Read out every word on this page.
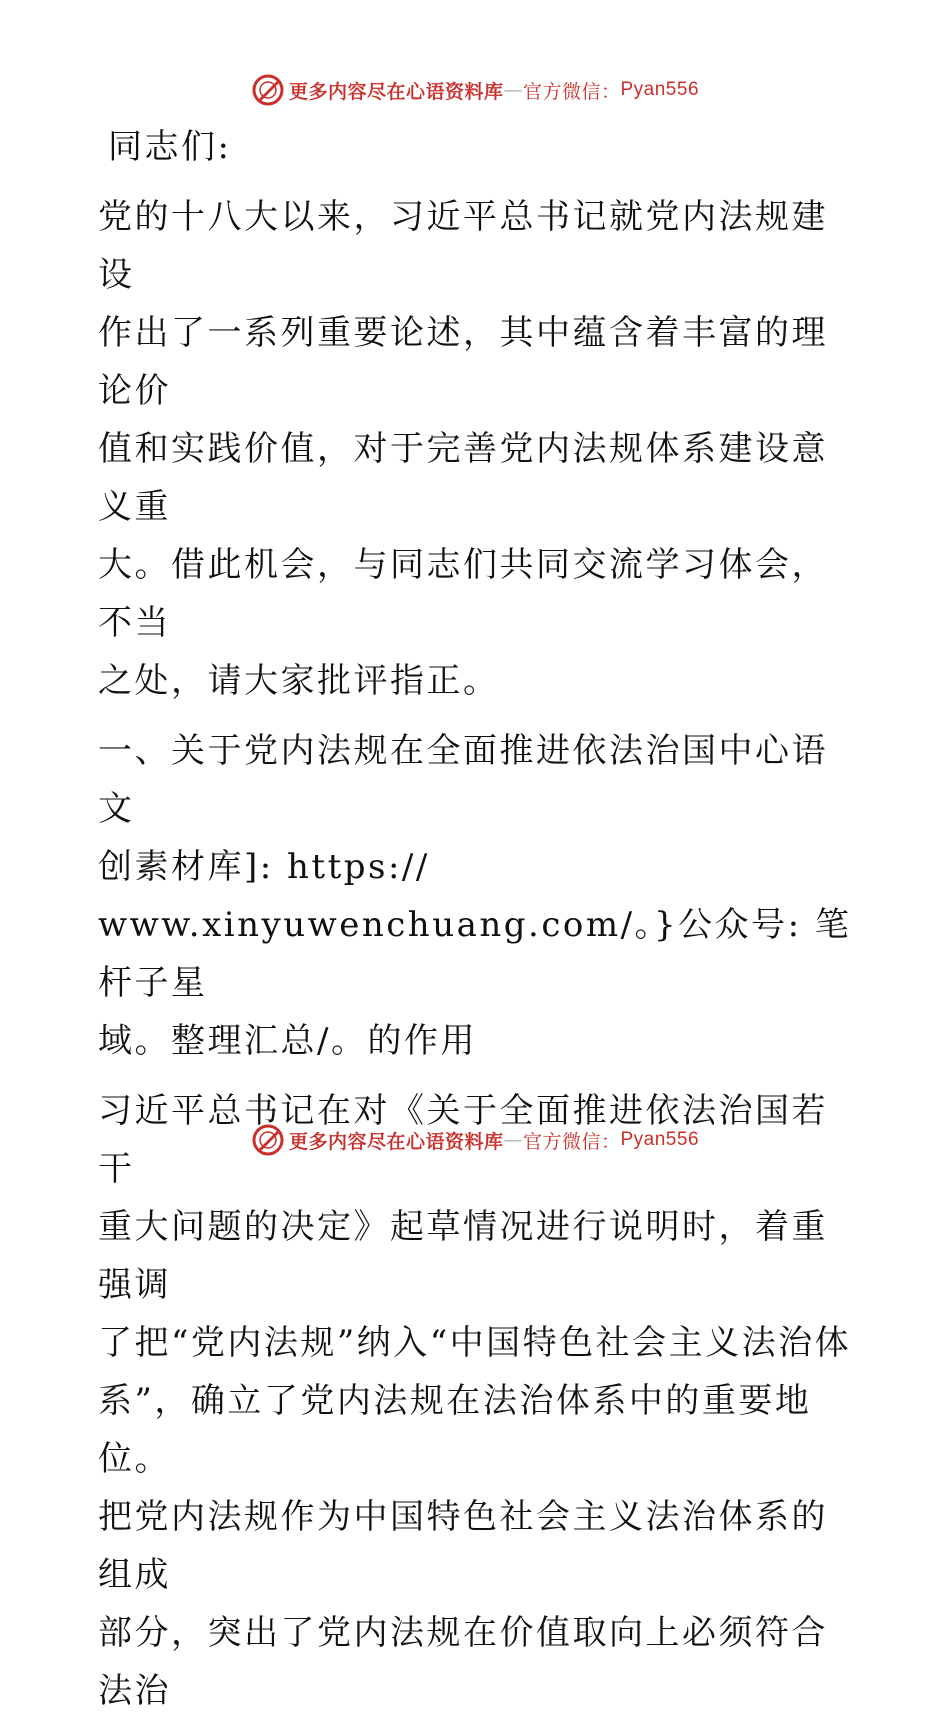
更多内容尽在心语资料库 — 官方微信： Pyan556

同志们:

党的十八大以来，习近平总书记就党内法规建设
作出了一系列重要论述，其中蕴含着丰富的理论价
值和实践价值，对于完善党内法规体系建设意义重
大。借此机会，与同志们共同交流学习体会，不当
之处，请大家批评指正。

一、关于党内法规在全面推进依法治国中心语文
创素材库]: https://
www.xinyuwenchuang.com/。}公众号: 笔杆子星
域。整理汇总/。的作用

习近平总书记在对《关于全面推进依法治国若干
重大问题的决定》起草情况进行说明时，着重强调
了把“党内法规”纳入“中国特色社会主义法治体
系”，确立了党内法规在法治体系中的重要地位。
把党内法规作为中国特色社会主义法治体系的组成
部分，突出了党内法规在价值取向上必须符合法治

更多内容尽在心语资料库 — 官方微信： Pyan556
